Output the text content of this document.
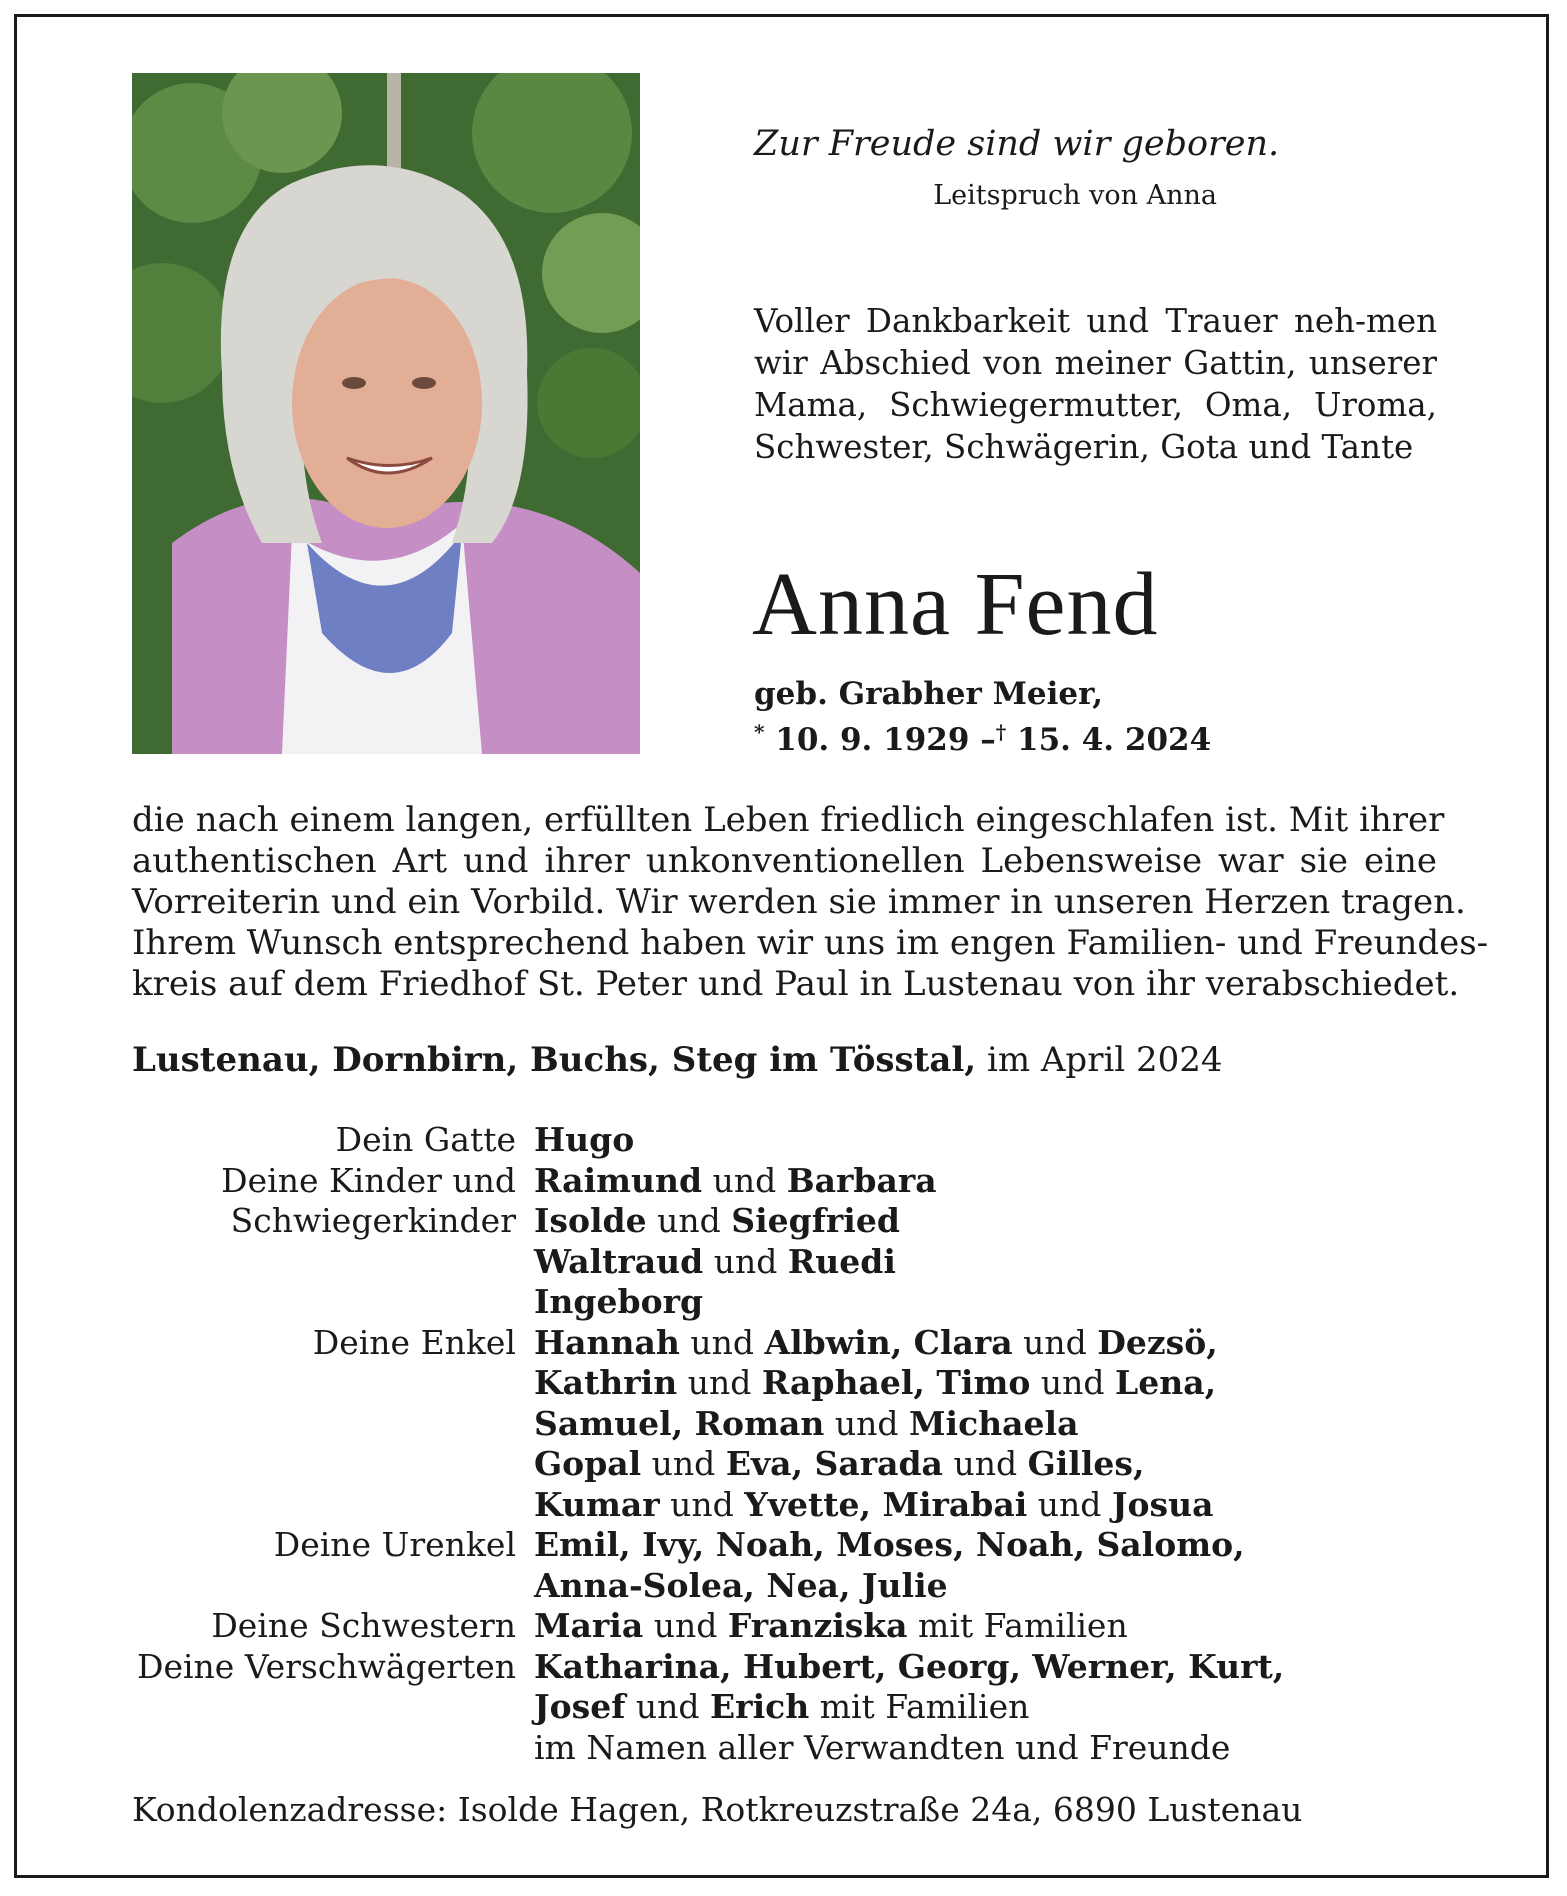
Zur Freude sind wir geboren.
Leitspruch von Anna
Voller Dankbarkeit und Trauer neh-men wir Abschied von meiner Gattin, unserer Mama, Schwiegermutter, Oma, Uroma, Schwester, Schwägerin, Gota und Tante
Anna Fend
geb. Grabher Meier,
* 10. 9. 1929 –† 15. 4. 2024
die nach einem langen, erfüllten Leben friedlich eingeschlafen ist. Mit ihrer
authentischen Art und ihrer unkonventionellen Lebensweise war sie eine
Vorreiterin und ein Vorbild. Wir werden sie immer in unseren Herzen tragen.
Ihrem Wunsch entsprechend haben wir uns im engen Familien- und Freundes-
kreis auf dem Friedhof St. Peter und Paul in Lustenau von ihr verabschiedet.
Lustenau, Dornbirn, Buchs, Steg im Tösstal, im April 2024
Dein Gatte Hugo
Deine Kinder und Raimund und Barbara
Schwiegerkinder Isolde und Siegfried
Waltraud und Ruedi
Ingeborg
Deine Enkel Hannah und Albwin, Clara und Dezsö,
Kathrin und Raphael, Timo und Lena,
Samuel, Roman und Michaela
Gopal und Eva, Sarada und Gilles,
Kumar und Yvette, Mirabai und Josua
Deine Urenkel Emil, Ivy, Noah, Moses, Noah, Salomo,
Anna-Solea, Nea, Julie
Deine Schwestern Maria und Franziska mit Familien
Deine Verschwägerten Katharina, Hubert, Georg, Werner, Kurt,
Josef und Erich mit Familien
im Namen aller Verwandten und Freunde
Kondolenzadresse: Isolde Hagen, Rotkreuzstraße 24a, 6890 Lustenau
